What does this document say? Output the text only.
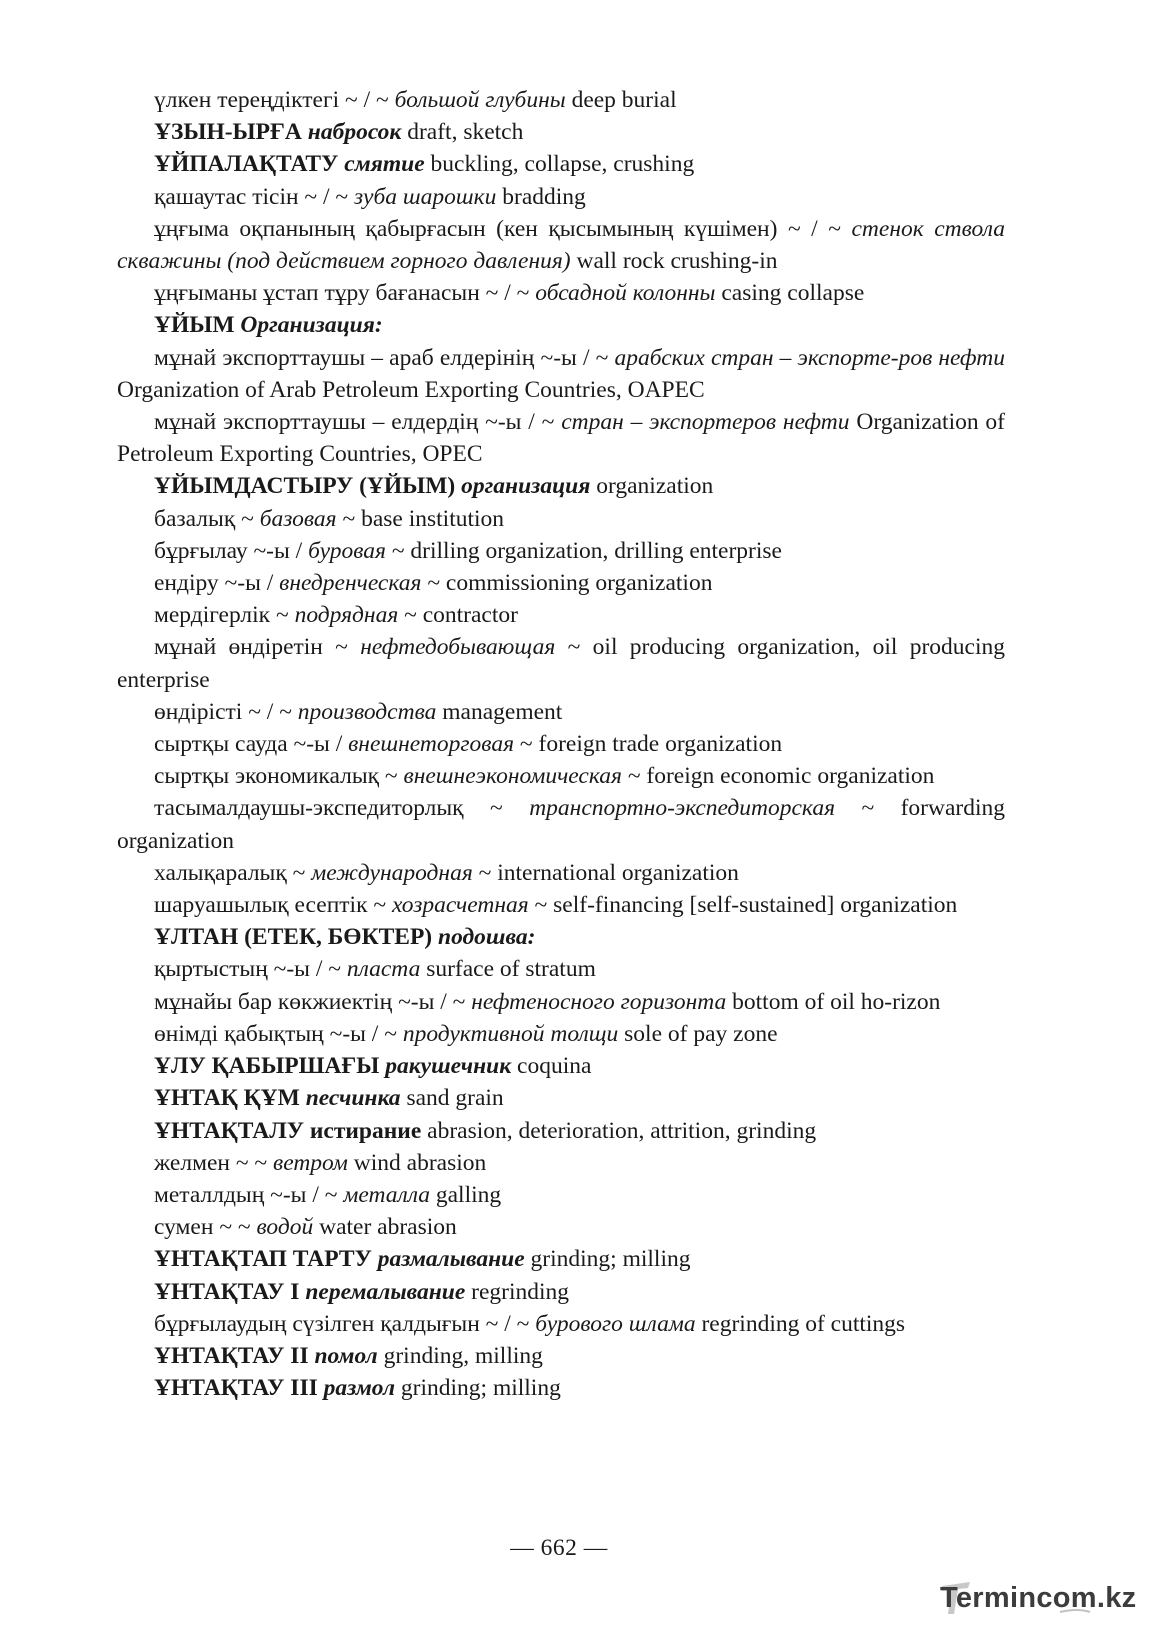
үлкен тереңдіктегі ~ / ~ большой глубины deep burial

ҰЗЫН-ЫРҒА набросок draft, sketch

ҰЙПАЛАҚТАТУ смятие buckling, collapse, crushing

қашаутас тісін ~ / ~ зуба шарошки bradding

ұңғыма оқпанының қабырғасын (кен қысымының күшімен) ~ / ~ стенок ствола скважины (под действием горного давления) wall rock crushing-in

ұңғыманы ұстап тұру бағанасын ~ / ~ обсадной колонны casing collapse

ҰЙЫМ Организация:

мұнай экспорттаушы – араб елдерінің ~-ы / ~ арабских стран – экспорте-ров нефти Organization of Arab Petroleum Exporting Countries, OAPEC

мұнай экспорттаушы – елдердің ~-ы / ~ стран – экспортеров нефти Organization of Petroleum Exporting Countries, OPEC

ҰЙЫМДАСТЫРУ (ҰЙЫМ) организация organization

базалық ~ базовая ~ base institution

бұрғылау ~-ы / буровая ~ drilling organization, drilling enterprise

ендіру ~-ы / внедренческая ~ commissioning organization

мердігерлік ~ подрядная ~ contractor

мұнай өндіретін ~ нефтедобывающая ~ oil producing organization, oil producing enterprise

өндірісті ~ / ~ производства management

сыртқы сауда ~-ы / внешнеторговая ~ foreign trade organization

сыртқы экономикалық ~ внешнеэкономическая ~ foreign economic organization

тасымалдаушы-экспедиторлық ~ транспортно-экспедиторская ~ forwarding organization

халықаралық ~ международная ~ international organization

шаруашылық есептік ~ хозрасчетная ~ self-financing [self-sustained] organization

ҰЛТАН (ЕТЕК, БӨКТЕР) подошва:

қыртыстың ~-ы / ~ пласта surface of stratum

мұнайы бар көкжиектің ~-ы / ~ нефтеносного горизонта bottom of oil ho-rizon

өнімді қабықтың ~-ы / ~ продуктивной толщи sole of pay zone

ҰЛУ ҚАБЫРШАҒЫ ракушечник coquina

ҰНТАҚ ҚҰМ песчинка sand grain

ҰНТАҚТАЛУ истирание abrasion, deterioration, attrition, grinding

желмен ~ ~ ветром wind abrasion

металлдың ~-ы / ~ металла galling

сумен ~ ~ водой water abrasion

ҰНТАҚТАП ТАРТУ размалывание grinding; milling

ҰНТАҚТАУ I перемалывание regrinding

бұрғылаудың сүзілген қалдығын ~ / ~ бурового шлама regrinding of cuttings

ҰНТАҚТАУ II помол grinding, milling

ҰНТАҚТАУ III размол grinding; milling

— 662 —
Termincom.kz
